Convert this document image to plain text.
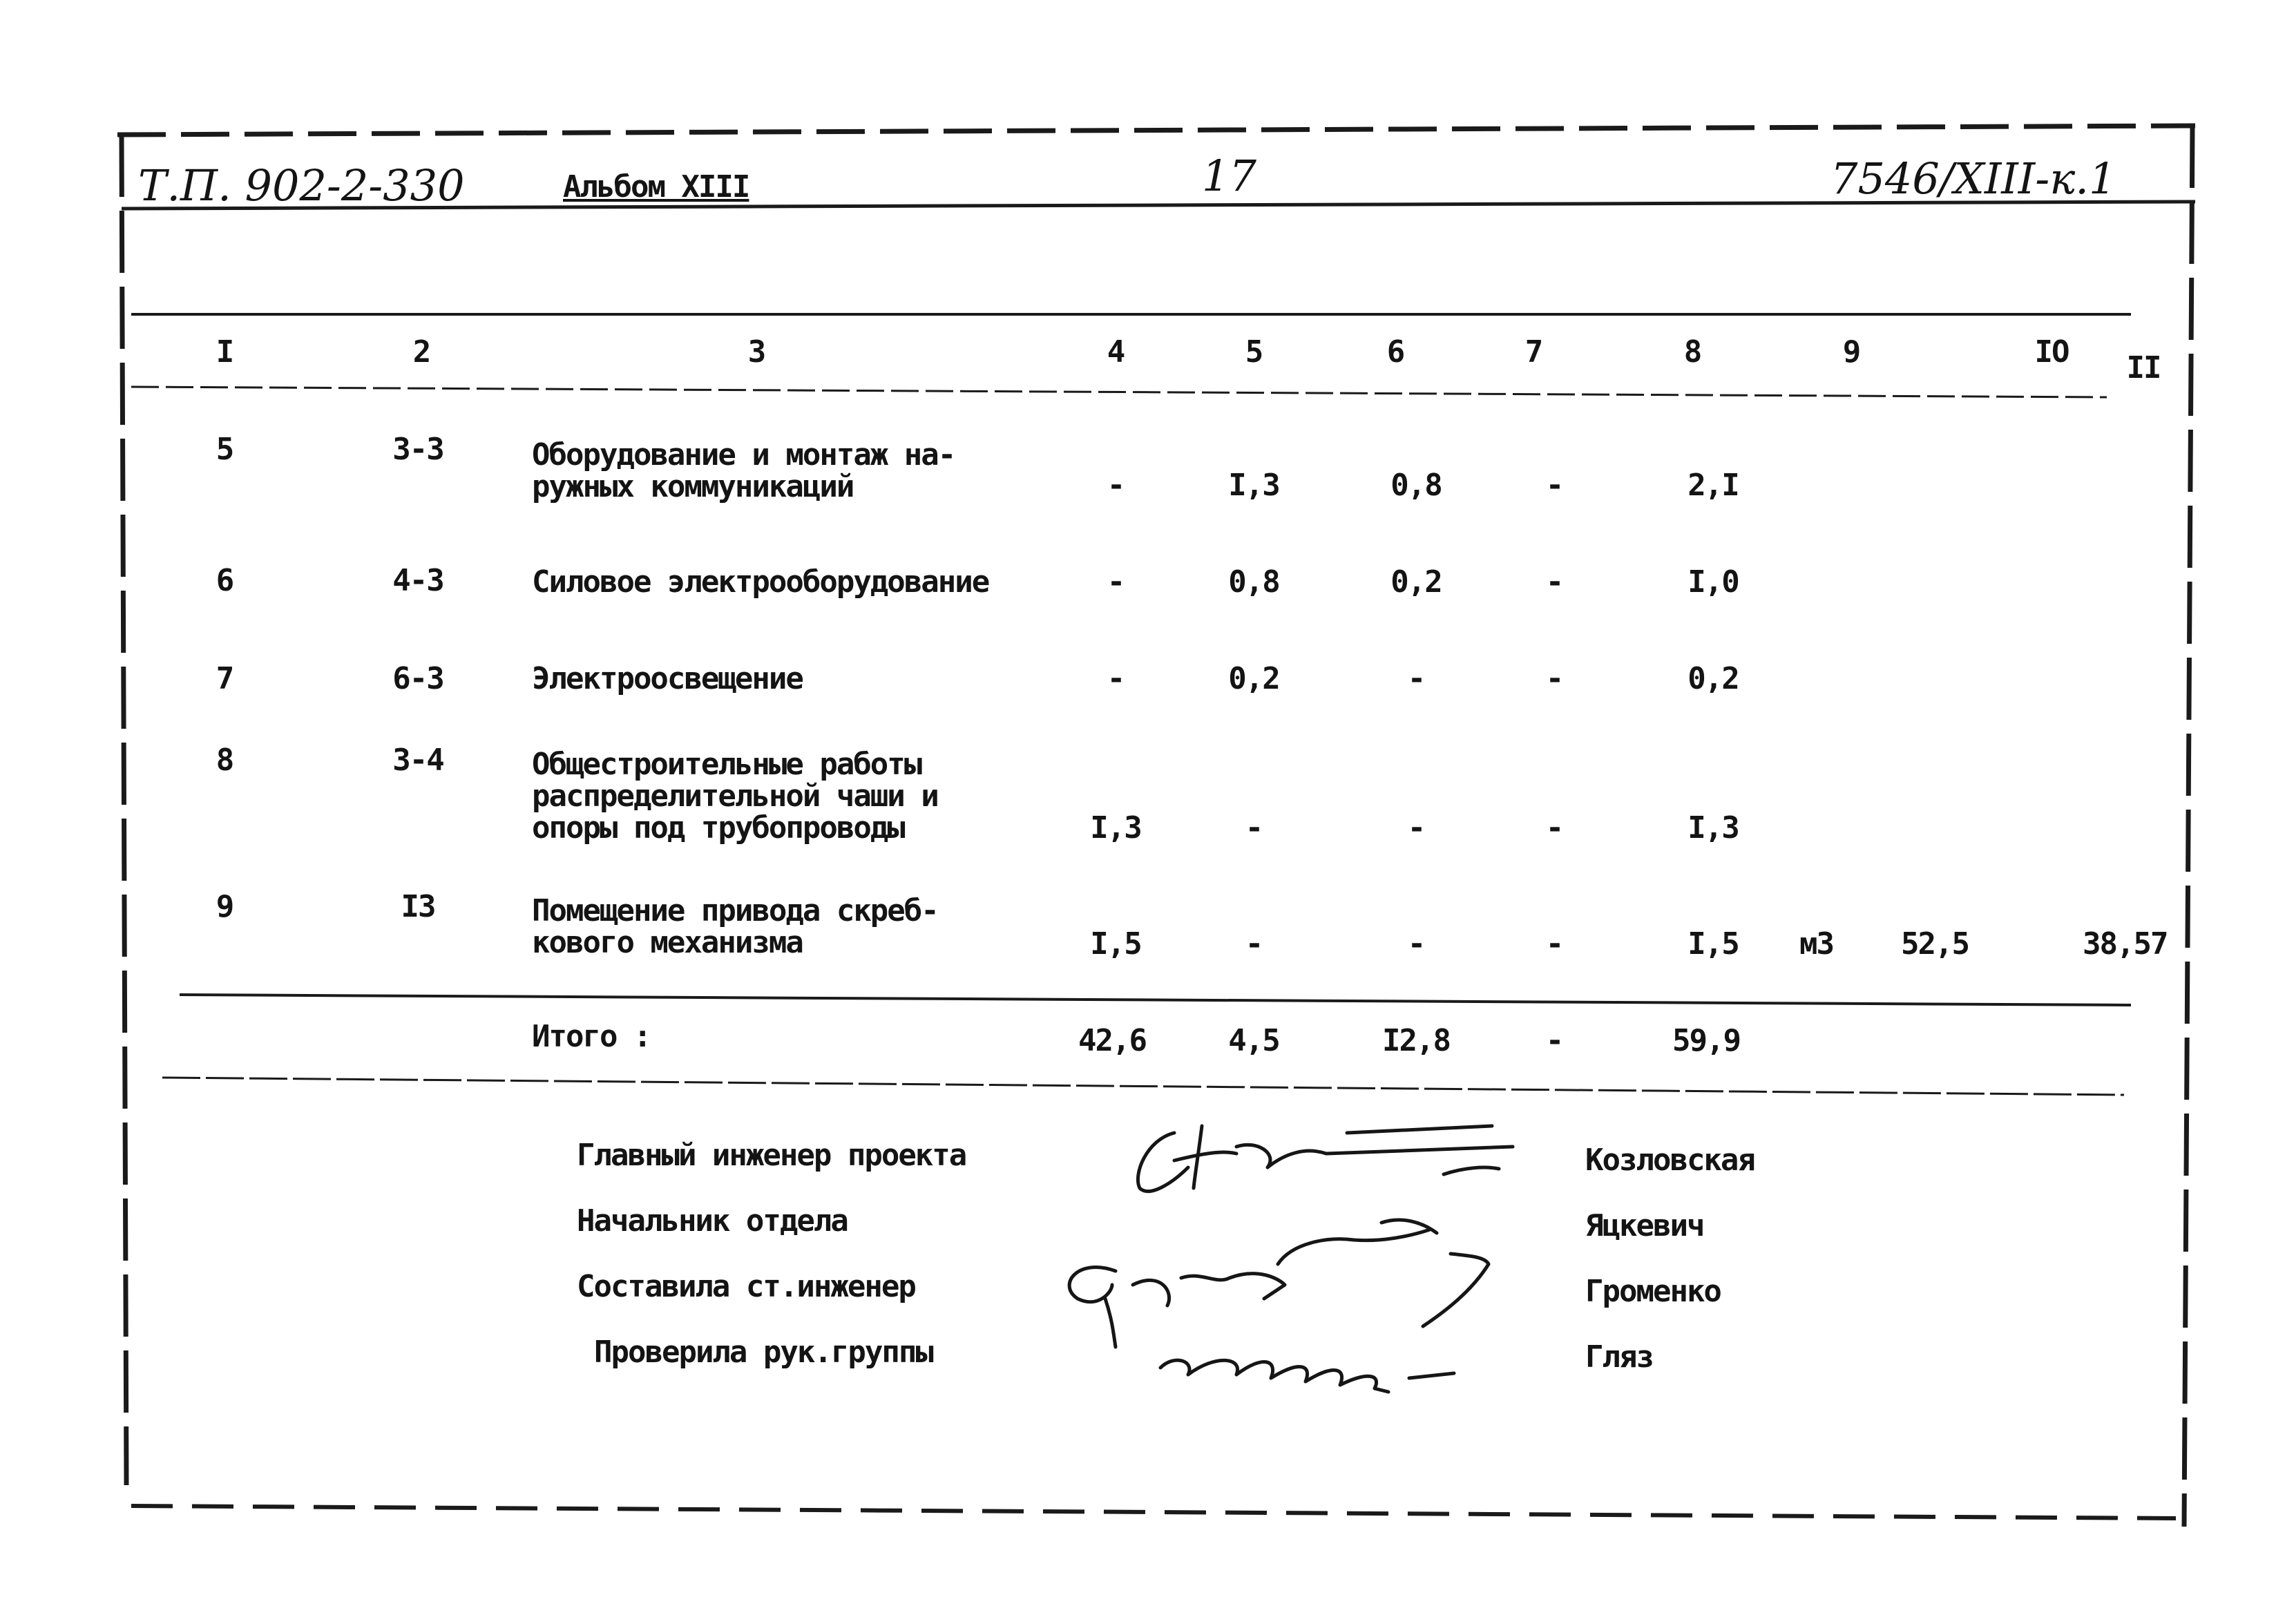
Т.П. 902-2-330	Альбом XIII	17	7546/XIII-к.1
I	2	3	4	5	6	7	8	9	IO	II
5	3-3	Оборудование и монтаж на-
ружных коммуникаций	-	I,3	0,8	-	2,I
6	4-3	Силовое электрооборудование	-	0,8	0,2	-	I,0
7	6-3	Электроосвещение	-	0,2	-	-	0,2
8	3-4	Общестроительные работы
распределительной чаши и
опоры под трубопроводы	I,3	-	-	-	I,3
9	I3	Помещение привода скреб-
кового механизма	I,5	-	-	-	I,5	м3 52,5	38,57
Итого :	42,6	4,5	I2,8	-	59,9
Главный инженер проекта	Козловская
Начальник отдела	Яцкевич
Составила ст.инженер	Громенко
Проверила рук.группы	Гляз
